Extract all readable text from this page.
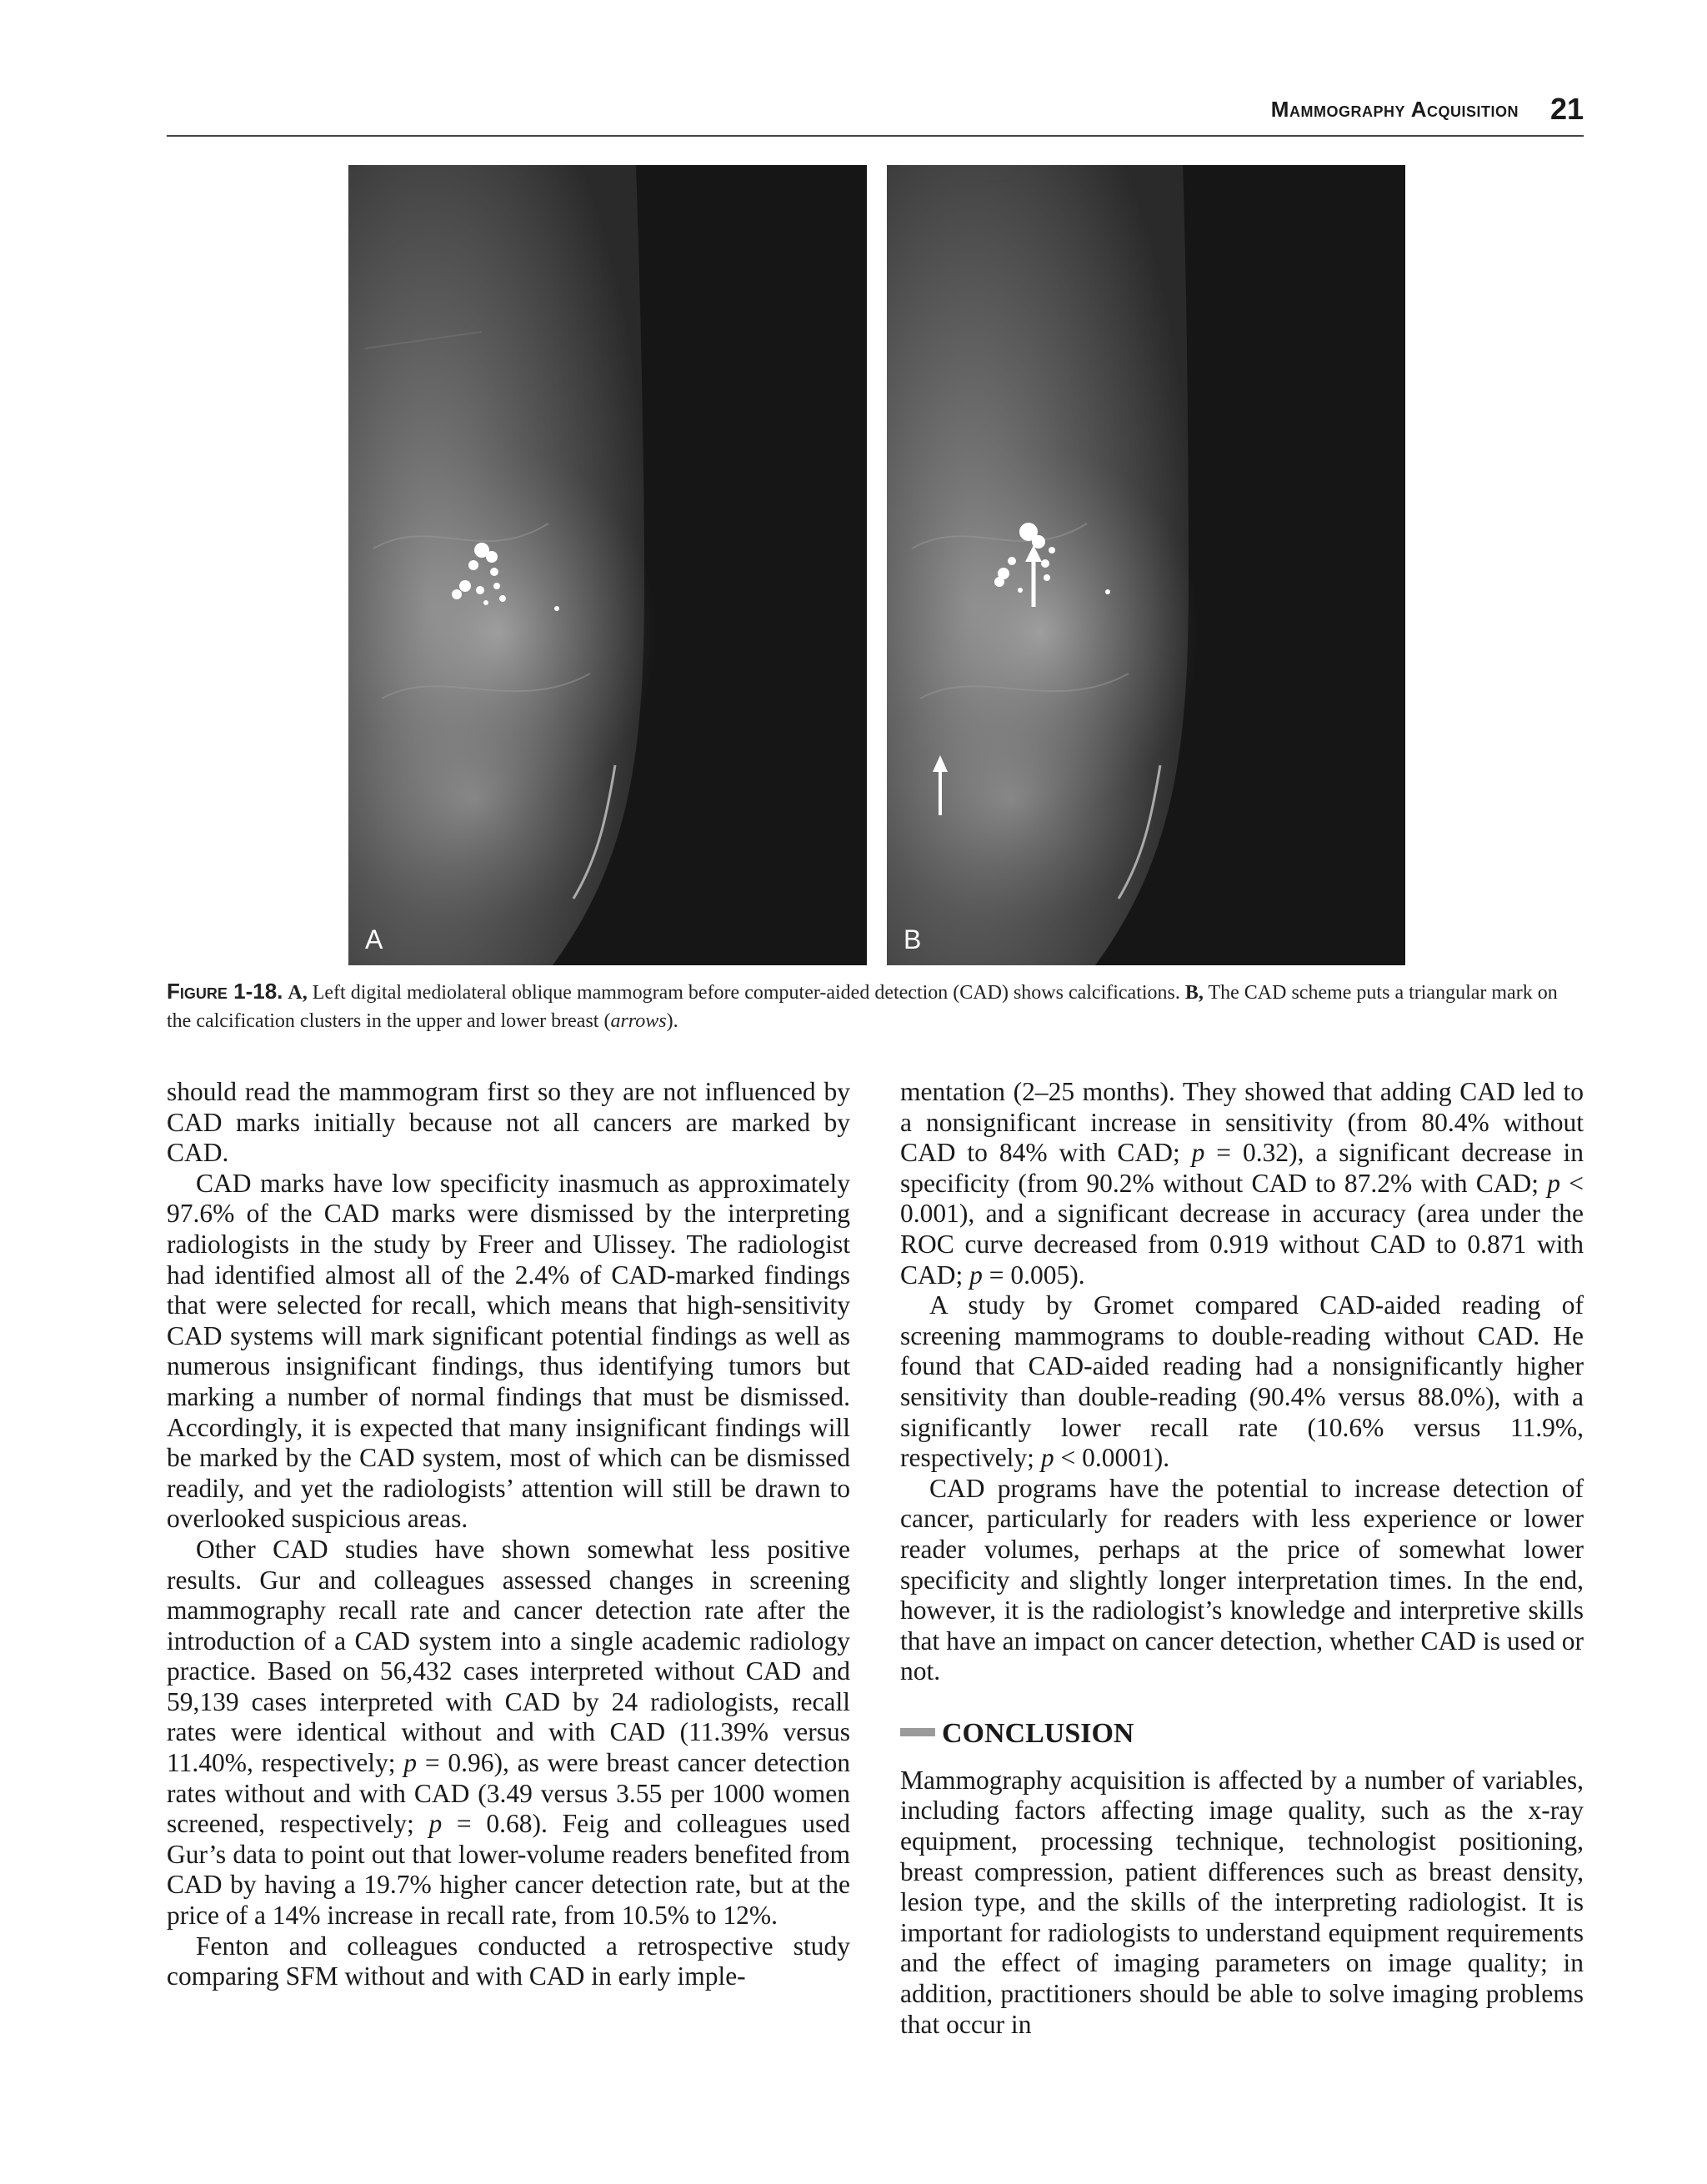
Mammography Acquisition 21
A	B
Figure 1-18. A, Left digital mediolateral oblique mammogram before computer-aided detection (CAD) shows calcifications. B, The CAD scheme puts a triangular mark on the calcification clusters in the upper and lower breast (arrows).

should read the mammogram first so they are not influenced by CAD marks initially because not all cancers are marked by CAD.

CAD marks have low specificity inasmuch as approximately 97.6% of the CAD marks were dismissed by the interpreting radiologists in the study by Freer and Ulissey. The radiologist had identified almost all of the 2.4% of CAD-marked findings that were selected for recall, which means that high-sensitivity CAD systems will mark significant potential findings as well as numerous insignificant findings, thus identifying tumors but marking a number of normal findings that must be dismissed. Accordingly, it is expected that many insignificant findings will be marked by the CAD system, most of which can be dismissed readily, and yet the radiologists’ attention will still be drawn to overlooked suspicious areas.

Other CAD studies have shown somewhat less positive results. Gur and colleagues assessed changes in screening mammography recall rate and cancer detection rate after the introduction of a CAD system into a single academic radiology practice. Based on 56,432 cases interpreted without CAD and 59,139 cases interpreted with CAD by 24 radiologists, recall rates were identical without and with CAD (11.39% versus 11.40%, respectively; p = 0.96), as were breast cancer detection rates without and with CAD (3.49 versus 3.55 per 1000 women screened, respectively; p = 0.68). Feig and colleagues used Gur’s data to point out that lower-volume readers benefited from CAD by having a 19.7% higher cancer detection rate, but at the price of a 14% increase in recall rate, from 10.5% to 12%.

Fenton and colleagues conducted a retrospective study comparing SFM without and with CAD in early imple-

mentation (2–25 months). They showed that adding CAD led to a nonsignificant increase in sensitivity (from 80.4% without CAD to 84% with CAD; p = 0.32), a significant decrease in specificity (from 90.2% without CAD to 87.2% with CAD; p < 0.001), and a significant decrease in accuracy (area under the ROC curve decreased from 0.919 without CAD to 0.871 with CAD; p = 0.005).

A study by Gromet compared CAD-aided reading of screening mammograms to double-reading without CAD. He found that CAD-aided reading had a nonsignificantly higher sensitivity than double-reading (90.4% versus 88.0%), with a significantly lower recall rate (10.6% versus 11.9%, respectively; p < 0.0001).

CAD programs have the potential to increase detection of cancer, particularly for readers with less experience or lower reader volumes, perhaps at the price of somewhat lower specificity and slightly longer interpretation times. In the end, however, it is the radiologist’s knowledge and interpretive skills that have an impact on cancer detection, whether CAD is used or not.

CONCLUSION

Mammography acquisition is affected by a number of variables, including factors affecting image quality, such as the x-ray equipment, processing technique, technologist positioning, breast compression, patient differences such as breast density, lesion type, and the skills of the interpreting radiologist. It is important for radiologists to understand equipment requirements and the effect of imaging parameters on image quality; in addition, practitioners should be able to solve imaging problems that occur in
